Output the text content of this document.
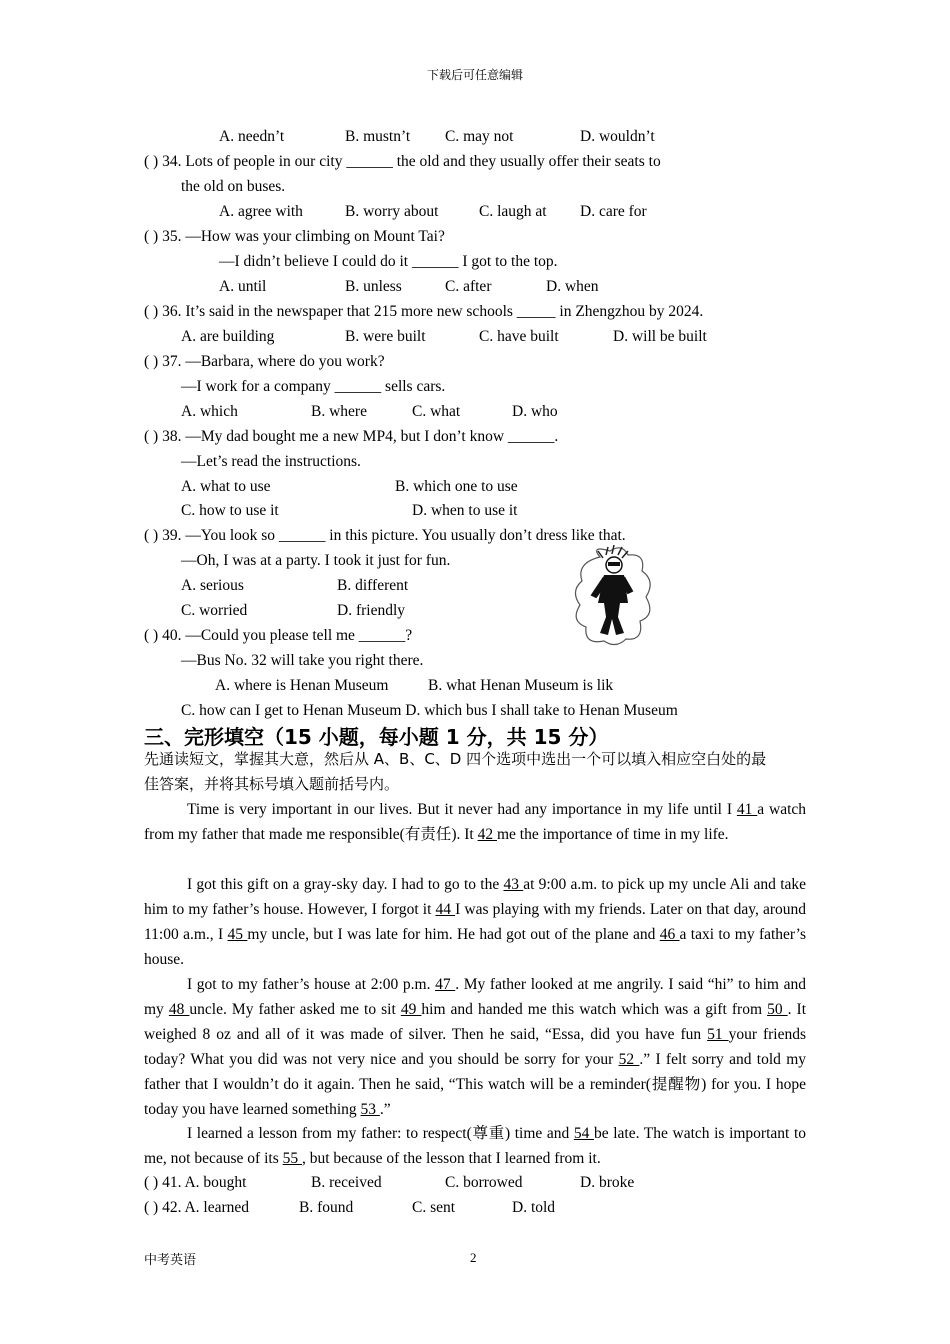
下载后可任意编辑
A. needn’t	B. mustn’t C. may not	D. wouldn’t
( ) 34. Lots of people in our city ______ the old and they usually offer their seats to
the old on buses.
A. agree with	B. worry about	C. laugh at D. care for
( ) 35. —How was your climbing on Mount Tai?
—I didn’t believe I could do it ______ I got to the top.
A. until	B. unless	C. after	D. when
( ) 36. It’s said in the newspaper that 215 more new schools _____ in Zhengzhou by 2024.
A. are building	B. were built	C. have built	D. will be built
( ) 37. —Barbara, where do you work?
—I work for a company ______ sells cars.
A. which	B. where	C. what	D. who
( ) 38. —My dad bought me a new MP4, but I don’t know ______.
—Let’s read the instructions.
A. what to use	B. which one to use
C. how to use it	D. when to use it
( ) 39. —You look so ______ in this picture. You usually don’t dress like that.
—Oh, I was at a party. I took it just for fun.
A. serious	B. different
C. worried	D. friendly
( ) 40. —Could you please tell me ______?
—Bus No. 32 will take you right there.
A. where is Henan Museum	B. what Henan Museum is lik
C. how can I get to Henan Museum D. which bus I shall take to Henan Museum
三、完形填空（15 小题，每小题 1 分，共 15 分）
先通读短文，掌握其大意，然后从 A、B、C、D 四个选项中选出一个可以填入相应空白处的最
佳答案，并将其标号填入题前括号内。
Time is very important in our lives. But it never had any importance in my life until I 41 a watch from my father that made me responsible(有责任). It 42 me the importance of time in my life.
I got this gift on a gray-sky day. I had to go to the 43 at 9:00 a.m. to pick up my uncle Ali and take him to my father’s house. However, I forgot it 44 I was playing with my friends. Later on that day, around 11:00 a.m., I 45 my uncle, but I was late for him. He had got out of the plane and 46 a taxi to my father’s house.
I got to my father’s house at 2:00 p.m. 47 . My father looked at me angrily. I said “hi” to him and my 48 uncle. My father asked me to sit 49 him and handed me this watch which was a gift from 50 . It weighed 8 oz and all of it was made of silver. Then he said, “Essa, did you have fun 51 your friends today? What you did was not very nice and you should be sorry for your 52 .” I felt sorry and told my father that I wouldn’t do it again. Then he said, “This watch will be a reminder(提醒物) for you. I hope today you have learned something 53 .”
I learned a lesson from my father: to respect(尊重) time and 54 be late. The watch is important to me, not because of its 55 , but because of the lesson that I learned from it.
( ) 41. A. bought	B. received	C. borrowed	D. broke
( ) 42. A. learned	B. found	C. sent	D. told
中考英语	2
